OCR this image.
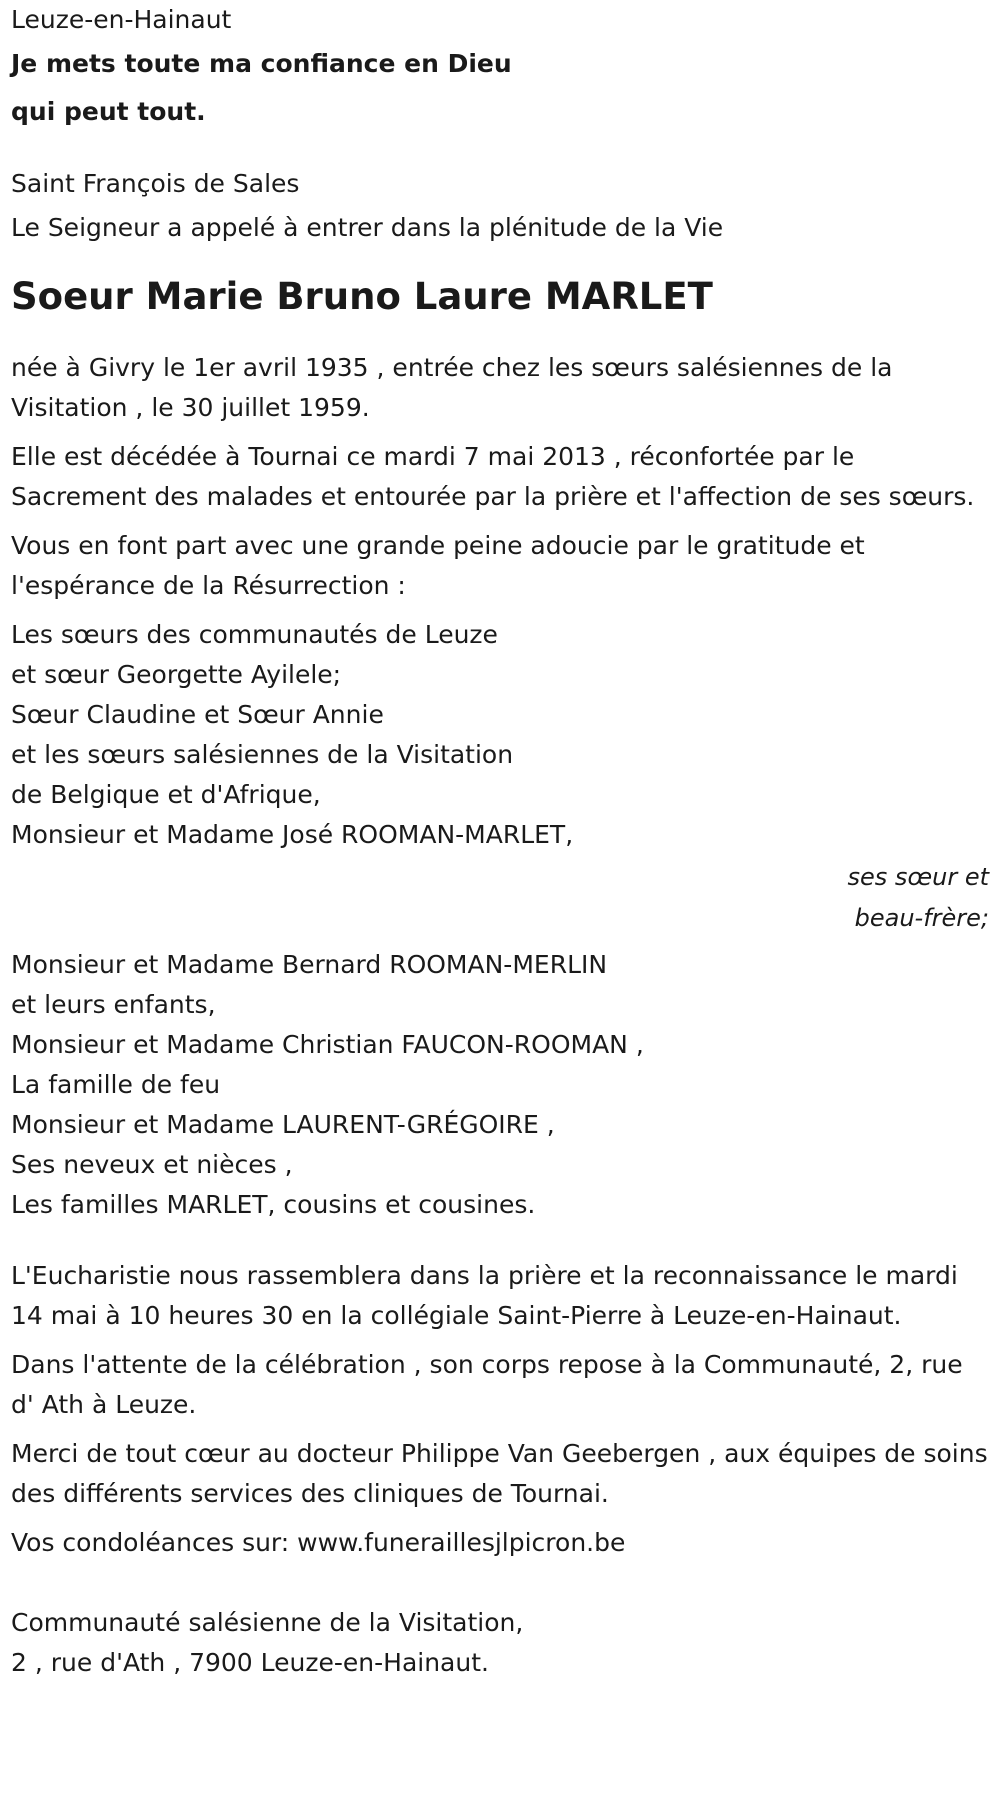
Leuze-en-Hainaut
Je mets toute ma confiance en Dieu
qui peut tout.
Saint François de Sales
Le Seigneur a appelé à entrer dans la plénitude de la Vie
Soeur Marie Bruno Laure MARLET

née à Givry le 1er avril 1935 , entrée chez les sœurs salésiennes de la Visitation , le 30 juillet 1959.

Elle est décédée à Tournai ce mardi 7 mai 2013 , réconfortée par le Sacrement des malades et entourée par la prière et l'affection de ses sœurs.

Vous en font part avec une grande peine adoucie par le gratitude et l'espérance de la Résurrection :

Les sœurs des communautés de Leuze
et sœur Georgette Ayilele;
Sœur Claudine et Sœur Annie
et les sœurs salésiennes de la Visitation
de Belgique et d'Afrique,
Monsieur et Madame José ROOMAN-MARLET,
ses sœur et
beau-frère;
Monsieur et Madame Bernard ROOMAN-MERLIN
et leurs enfants,
Monsieur et Madame Christian FAUCON-ROOMAN ,
La famille de feu
Monsieur et Madame LAURENT-GRÉGOIRE ,
Ses neveux et nièces ,
Les familles MARLET, cousins et cousines.

L'Eucharistie nous rassemblera dans la prière et la reconnaissance le mardi 14 mai à 10 heures 30 en la collégiale Saint-Pierre à Leuze-en-Hainaut.

Dans l'attente de la célébration , son corps repose à la Communauté, 2, rue d' Ath à Leuze.

Merci de tout cœur au docteur Philippe Van Geebergen , aux équipes de soins des différents services des cliniques de Tournai.

Vos condoléances sur: www.funeraillesjlpicron.be

Communauté salésienne de la Visitation,
2 , rue d'Ath , 7900 Leuze-en-Hainaut.
